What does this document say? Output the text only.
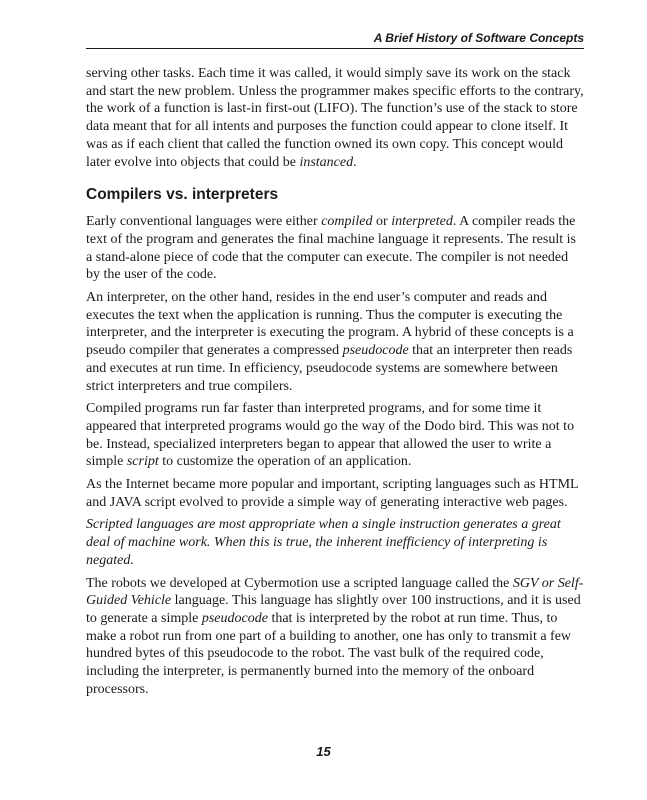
A Brief History of Software Concepts

serving other tasks. Each time it was called, it would simply save its work on the stack and start the new problem. Unless the programmer makes specific efforts to the contrary, the work of a function is last-in first-out (LIFO). The function’s use of the stack to store data meant that for all intents and purposes the function could appear to clone itself. It was as if each client that called the function owned its own copy. This concept would later evolve into objects that could be instanced.

Compilers vs. interpreters

Early conventional languages were either compiled or interpreted. A compiler reads the text of the program and generates the final machine language it represents. The result is a stand-alone piece of code that the computer can execute. The compiler is not needed by the user of the code.

An interpreter, on the other hand, resides in the end user’s computer and reads and executes the text when the application is running. Thus the computer is executing the interpreter, and the interpreter is executing the program. A hybrid of these concepts is a pseudo compiler that generates a compressed pseudocode that an interpreter then reads and executes at run time. In efficiency, pseudocode systems are somewhere between strict interpreters and true compilers.

Compiled programs run far faster than interpreted programs, and for some time it appeared that interpreted programs would go the way of the Dodo bird. This was not to be. Instead, specialized interpreters began to appear that allowed the user to write a simple script to customize the operation of an application.

As the Internet became more popular and important, scripting languages such as HTML and JAVA script evolved to provide a simple way of generating interactive web pages.

Scripted languages are most appropriate when a single instruction generates a great deal of machine work. When this is true, the inherent inefficiency of interpreting is negated.

The robots we developed at Cybermotion use a scripted language called the SGV or Self-Guided Vehicle language. This language has slightly over 100 instructions, and it is used to generate a simple pseudocode that is interpreted by the robot at run time. Thus, to make a robot run from one part of a building to another, one has only to transmit a few hundred bytes of this pseudocode to the robot. The vast bulk of the required code, including the interpreter, is permanently burned into the memory of the onboard processors.

15
